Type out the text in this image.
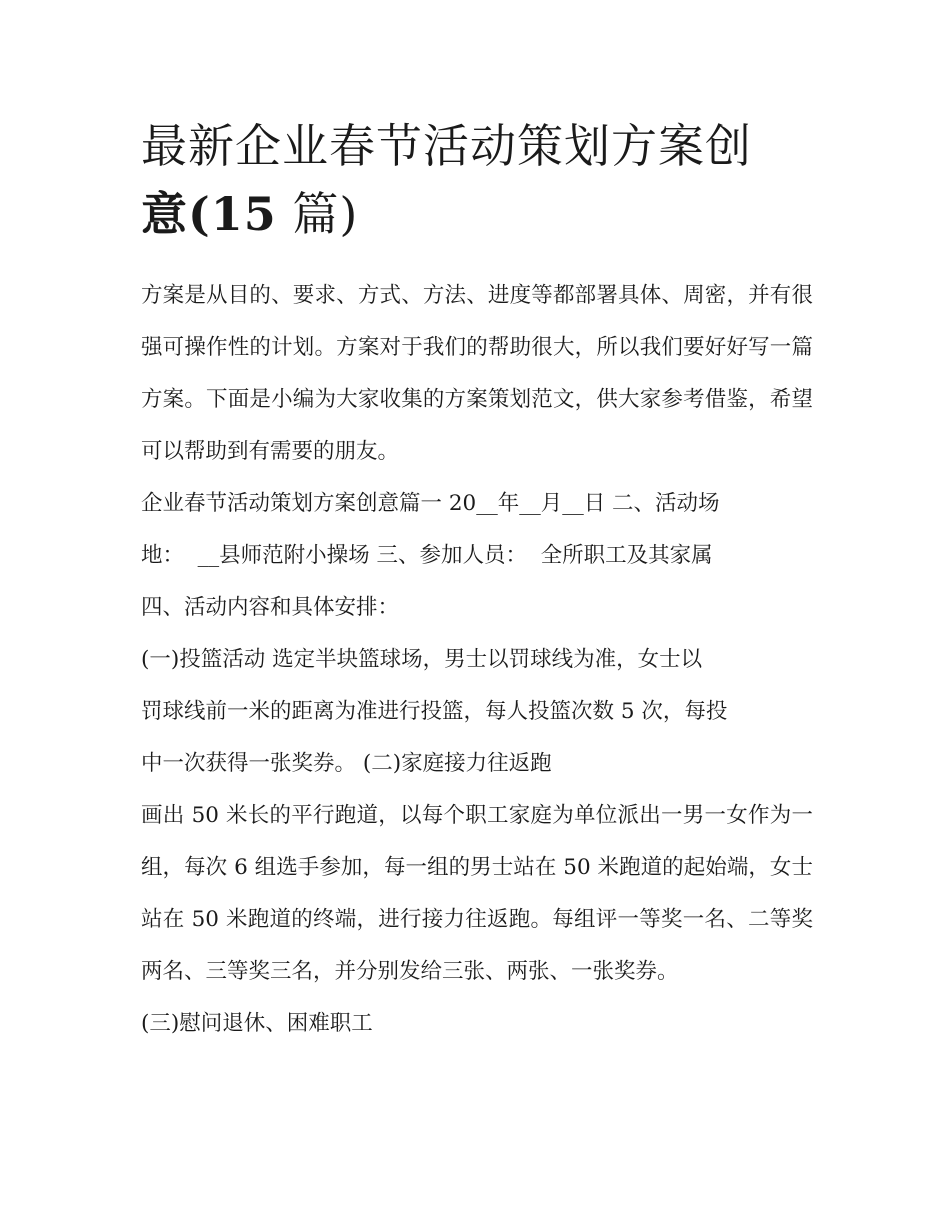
最新企业春节活动策划方案创
意(15 篇)

方案是从目的、要求、方式、方法、进度等都部署具体、周密，并有很强可操作性的计划。方案对于我们的帮助很大，所以我们要好好写一篇方案。下面是小编为大家收集的方案策划范文，供大家参考借鉴，希望可以帮助到有需要的朋友。

企业春节活动策划方案创意篇一 20__年__月__日 二、活动场

地：  __县师范附小操场 三、参加人员：  全所职工及其家属

四、活动内容和具体安排：

(一)投篮活动 选定半块篮球场，男士以罚球线为准，女士以

罚球线前一米的距离为准进行投篮，每人投篮次数 5 次，每投

中一次获得一张奖券。 (二)家庭接力往返跑

画出 50 米长的平行跑道，以每个职工家庭为单位派出一男一女作为一组，每次 6 组选手参加，每一组的男士站在 50 米跑道的起始端，女士站在 50 米跑道的终端，进行接力往返跑。每组评一等奖一名、二等奖两名、三等奖三名，并分别发给三张、两张、一张奖券。

(三)慰问退休、困难职工
